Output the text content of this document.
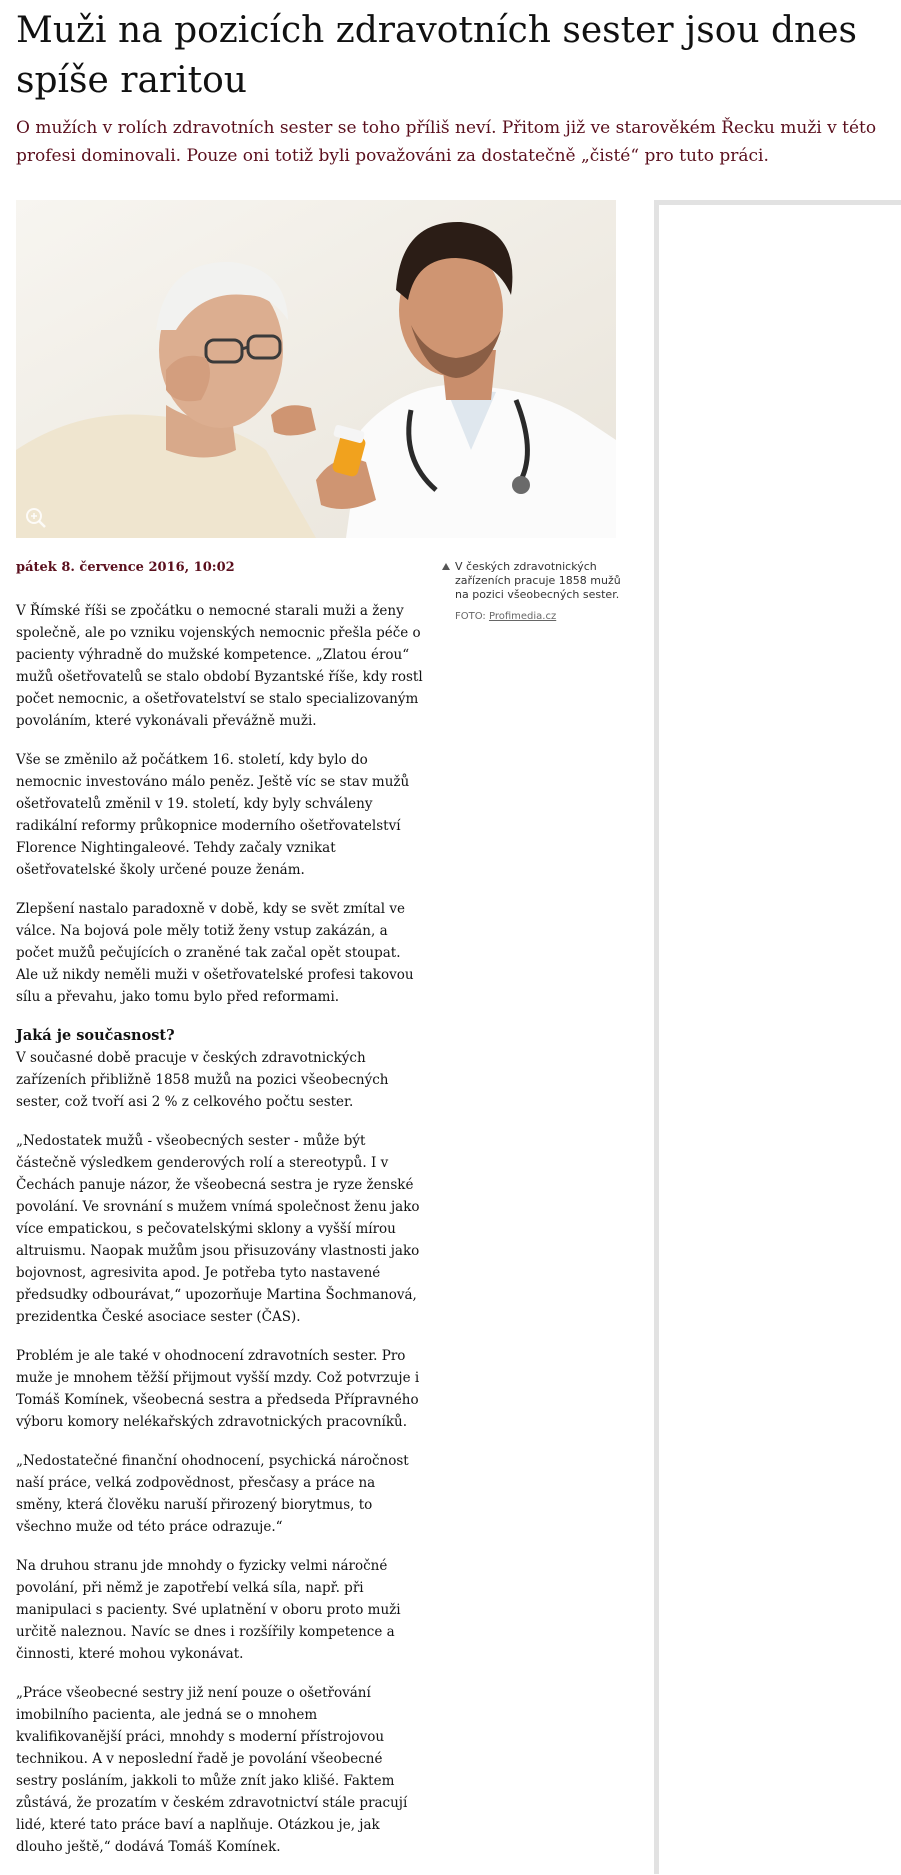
Muži na pozicích zdravotních sester jsou dnes spíše raritou

O mužích v rolích zdravotních sester se toho příliš neví. Přitom již ve starověkém Řecku muži v této profesi dominovali. Pouze oni totiž byli považováni za dostatečně „čisté“ pro tuto práci.

pátek 8. července 2016, 10:02	V českých zdravotnických zařízeních pracuje 1858 mužů na pozici všeobecných sester.
FOTO: Profimedia.cz

V Římské říši se zpočátku o nemocné starali muži a ženy společně, ale po vzniku vojenských nemocnic přešla péče o pacienty výhradně do mužské kompetence. „Zlatou érou“ mužů ošetřovatelů se stalo období Byzantské říše, kdy rostl počet nemocnic, a ošetřovatelství se stalo specializovaným povoláním, které vykonávali převážně muži.

Vše se změnilo až počátkem 16. století, kdy bylo do nemocnic investováno málo peněz. Ještě víc se stav mužů ošetřovatelů změnil v 19. století, kdy byly schváleny radikální reformy průkopnice moderního ošetřovatelství Florence Nightingaleové. Tehdy začaly vznikat ošetřovatelské školy určené pouze ženám.

Zlepšení nastalo paradoxně v době, kdy se svět zmítal ve válce. Na bojová pole měly totiž ženy vstup zakázán, a počet mužů pečujících o zraněné tak začal opět stoupat. Ale už nikdy neměli muži v ošetřovatelské profesi takovou sílu a převahu, jako tomu bylo před reformami.

Jaká je současnost?

V současné době pracuje v českých zdravotnických zařízeních přibližně 1858 mužů na pozici všeobecných sester, což tvoří asi 2 % z celkového počtu sester.

„Nedostatek mužů - všeobecných sester - může být částečně výsledkem genderových rolí a stereotypů. I v Čechách panuje názor, že všeobecná sestra je ryze ženské povolání. Ve srovnání s mužem vnímá společnost ženu jako více empatickou, s pečovatelskými sklony a vyšší mírou altruismu. Naopak mužům jsou přisuzovány vlastnosti jako bojovnost, agresivita apod. Je potřeba tyto nastavené předsudky odbourávat,“ upozorňuje Martina Šochmanová, prezidentka České asociace sester (ČAS).

Problém je ale také v ohodnocení zdravotních sester. Pro muže je mnohem těžší přijmout vyšší mzdy. Což potvrzuje i Tomáš Komínek, všeobecná sestra a předseda Přípravného výboru komory nelékařských zdravotnických pracovníků.

„Nedostatečné finanční ohodnocení, psychická náročnost naší práce, velká zodpovědnost, přesčasy a práce na směny, která člověku naruší přirozený biorytmus, to všechno muže od této práce odrazuje.“

Na druhou stranu jde mnohdy o fyzicky velmi náročné povolání, při němž je zapotřebí velká síla, např. při manipulaci s pacienty. Své uplatnění v oboru proto muži určitě naleznou. Navíc se dnes i rozšířily kompetence a činnosti, které mohou vykonávat.

„Práce všeobecné sestry již není pouze o ošetřování imobilního pacienta, ale jedná se o mnohem kvalifikovanější práci, mnohdy s moderní přístrojovou technikou. A v neposlední řadě je povolání všeobecné sestry posláním, jakkoli to může znít jako klišé. Faktem zůstává, že prozatím v českém zdravotnictví stále pracují lidé, které tato práce baví a naplňuje. Otázkou je, jak dlouho ještě,“ dodává Tomáš Komínek.
